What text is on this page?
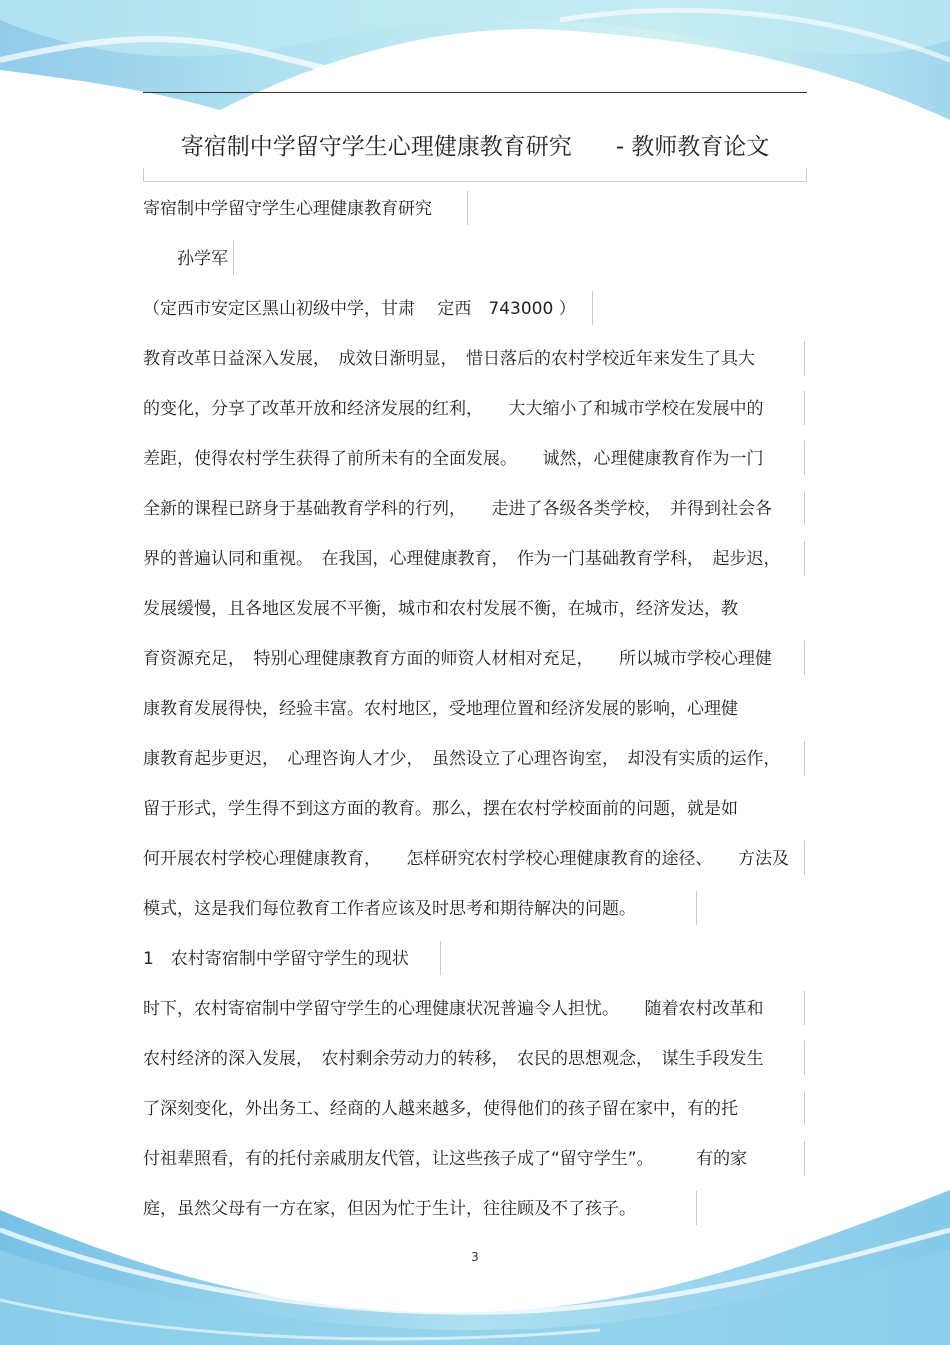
寄宿制中学留守学生心理健康教育研究 - 教师教育论文
寄宿制中学留守学生心理健康教育研究
孙学军
（定西市安定区黑山初级中学，甘肃　 定西　743000 ）
教育改革日益深入发展，　成效日渐明显，　惜日落后的农村学校近年来发生了具大
的变化，分享了改革开放和经济发展的红利，　　大大缩小了和城市学校在发展中的
差距，使得农村学生获得了前所未有的全面发展。　　诚然，心理健康教育作为一门
全新的课程已跻身于基础教育学科的行列，　　走进了各级各类学校，　并得到社会各
界的普遍认同和重视。　在我国，心理健康教育，　作为一门基础教育学科，　起步迟，
发展缓慢，且各地区发展不平衡，城市和农村发展不衡，在城市，经济发达，教
育资源充足，　特别心理健康教育方面的师资人材相对充足，　　所以城市学校心理健
康教育发展得快，经验丰富。农村地区，受地理位置和经济发展的影响，心理健
康教育起步更迟，　心理咨询人才少，　虽然设立了心理咨询室，　却没有实质的运作，
留于形式，学生得不到这方面的教育。那么，摆在农村学校面前的问题，就是如
何开展农村学校心理健康教育，　　怎样研究农村学校心理健康教育的途径、　　方法及
模式，这是我们每位教育工作者应该及时思考和期待解决的问题。
1　农村寄宿制中学留守学生的现状
时下，农村寄宿制中学留守学生的心理健康状况普遍令人担忧。　　随着农村改革和
农村经济的深入发展，　农村剩余劳动力的转移，　农民的思想观念，　谋生手段发生
了深刻变化，外出务工、经商的人越来越多，使得他们的孩子留在家中，有的托
付祖辈照看，有的托付亲戚朋友代管，让这些孩子成了“留守学生”。　　　有的家
庭，虽然父母有一方在家，但因为忙于生计，往往顾及不了孩子。
3
